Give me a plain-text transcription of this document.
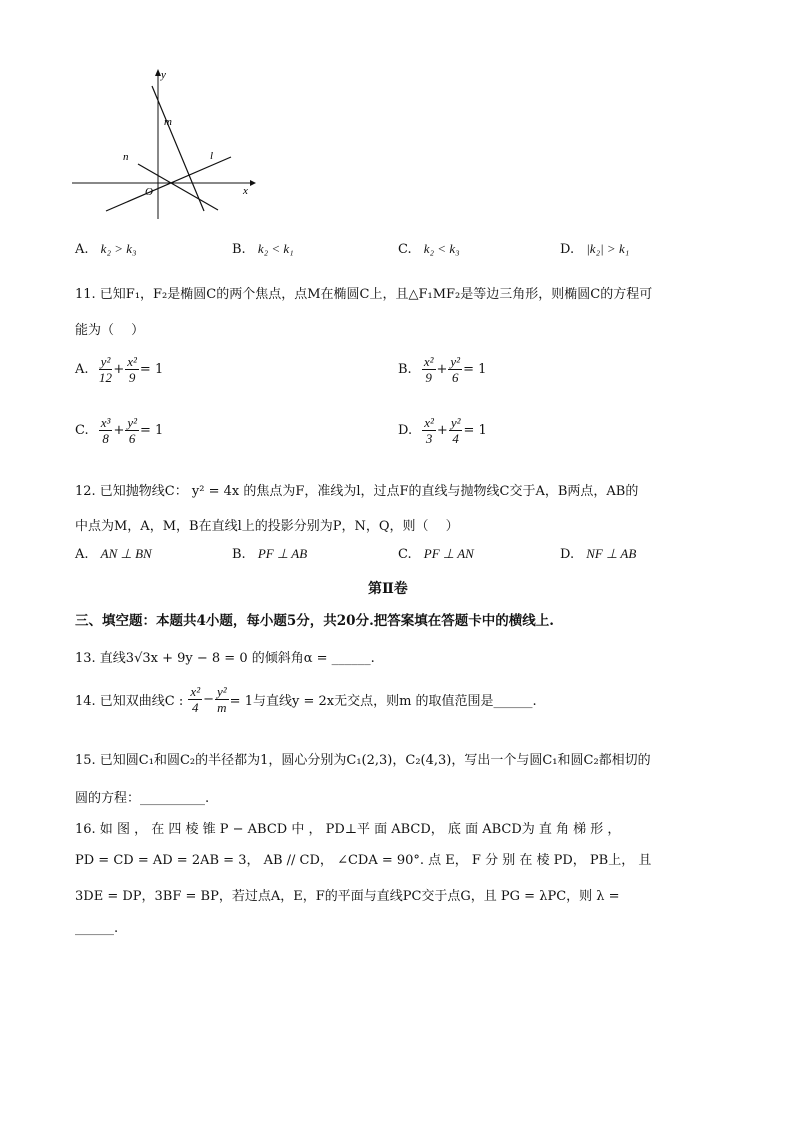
x
y
O
m
n	l
A. k₂ > k₃	B. k₂ < k₁	C. k₂ < k₃	D. |k₂| > k₁
11. 已知F₁，F₂是椭圆C的两个焦点，点M在椭圆C上，且△F₁MF₂是等边三角形，则椭圆C的方程可
能为（　 ）
A. $\frac{\text{y²}}{12} + \frac{\text{x²}}{9} = 1$	B. $\frac{\text{x²}}{9} + \frac{\text{y²}}{6} = 1$
C. $\frac{\text{x³}}{8} + \frac{\text{y²}}{6} = 1$	D. $\frac{\text{x²}}{3} + \frac{\text{y²}}{4} = 1$
12. 已知抛物线C： y² = 4x 的焦点为F，准线为l，过点F的直线与抛物线C交于A，B两点，AB的
中点为M，A，M，B在直线l上的投影分别为P，N，Q，则（　 ）
A. AN ⊥ BN	B. PF ⊥ AB	C. PF ⊥ AN	D. NF ⊥ AB
第Ⅱ卷
三、填空题：本题共4小题，每小题5分，共20分.把答案填在答题卡中的横线上.
13. 直线3√3x + 9y − 8 = 0 的倾斜角α = ______.
14. 已知双曲线C : $\frac{\text{x²}}{4} - \frac{\text{y²}}{m} = 1$与直线y = 2x无交点，则m 的取值范围是______.
15. 已知圆C₁和圆C₂的半径都为1，圆心分别为C₁(2,3)，C₂(4,3)，写出一个与圆C₁和圆C₂都相切的
圆的方程：__________.
16. 如 图 ， 在 四 棱 锥 P − ABCD 中 ， PD⊥平 面 ABCD， 底 面 ABCD为 直 角 梯 形 ，
PD = CD = AD = 2AB = 3， AB // CD， ∠CDA = 90°. 点 E， F 分 别 在 棱 PD， PB上， 且
3DE = DP，3BF = BP，若过点A，E，F的平面与直线PC交于点G，且 PG = λPC，则 λ =
______.
